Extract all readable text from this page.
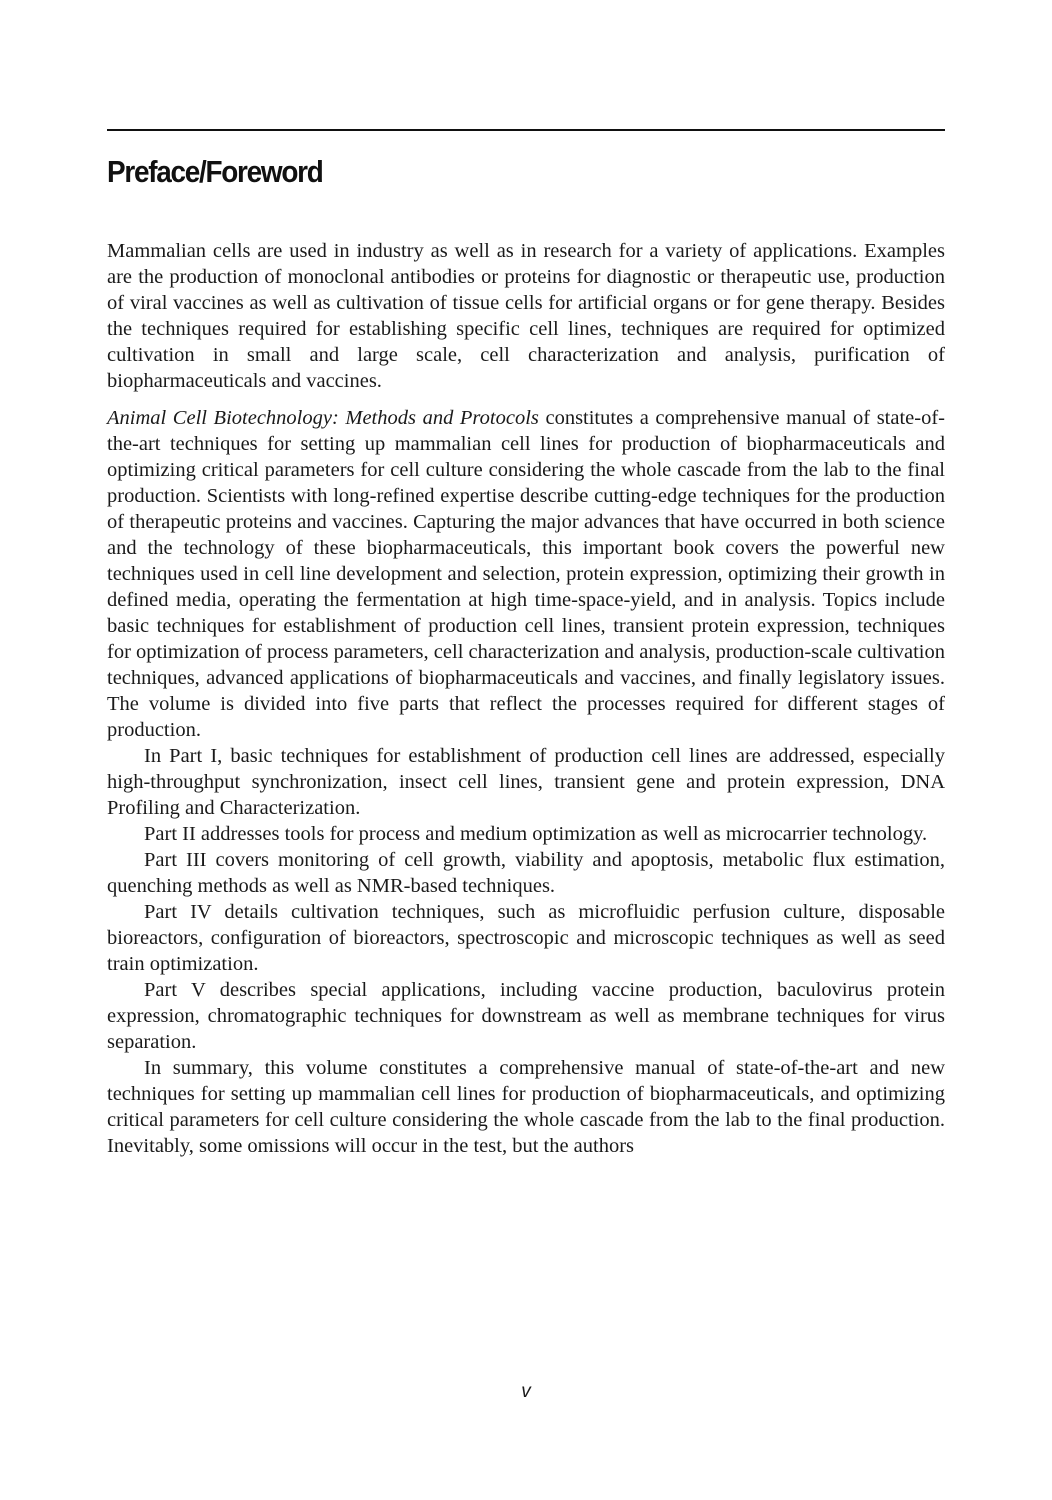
Preface/Foreword

Mammalian cells are used in industry as well as in research for a variety of applications. Examples are the production of monoclonal antibodies or proteins for diagnostic or therapeutic use, production of viral vaccines as well as cultivation of tissue cells for artificial organs or for gene therapy. Besides the techniques required for establishing specific cell lines, techniques are required for optimized cultivation in small and large scale, cell characterization and analysis, purification of biopharmaceuticals and vaccines.

Animal Cell Biotechnology: Methods and Protocols constitutes a comprehensive manual of state-of-the-art techniques for setting up mammalian cell lines for production of biopharmaceuticals and optimizing critical parameters for cell culture considering the whole cascade from the lab to the final production. Scientists with long-refined expertise describe cutting-edge techniques for the production of therapeutic proteins and vaccines. Capturing the major advances that have occurred in both science and the technology of these biopharmaceuticals, this important book covers the powerful new techniques used in cell line development and selection, protein expression, optimizing their growth in defined media, operating the fermentation at high time-space-yield, and in analysis. Topics include basic techniques for establishment of production cell lines, transient protein expression, techniques for optimization of process parameters, cell characterization and analysis, production-scale cultivation techniques, advanced applications of biopharmaceuticals and vaccines, and finally legislatory issues. The volume is divided into five parts that reflect the processes required for different stages of production.

In Part I, basic techniques for establishment of production cell lines are addressed, especially high-throughput synchronization, insect cell lines, transient gene and protein expression, DNA Profiling and Characterization.

Part II addresses tools for process and medium optimization as well as microcarrier technology.

Part III covers monitoring of cell growth, viability and apoptosis, metabolic flux estimation, quenching methods as well as NMR-based techniques.

Part IV details cultivation techniques, such as microfluidic perfusion culture, disposable bioreactors, configuration of bioreactors, spectroscopic and microscopic techniques as well as seed train optimization.

Part V describes special applications, including vaccine production, baculovirus protein expression, chromatographic techniques for downstream as well as membrane techniques for virus separation.

In summary, this volume constitutes a comprehensive manual of state-of-the-art and new techniques for setting up mammalian cell lines for production of biopharmaceuticals, and optimizing critical parameters for cell culture considering the whole cascade from the lab to the final production. Inevitably, some omissions will occur in the test, but the authors

v
